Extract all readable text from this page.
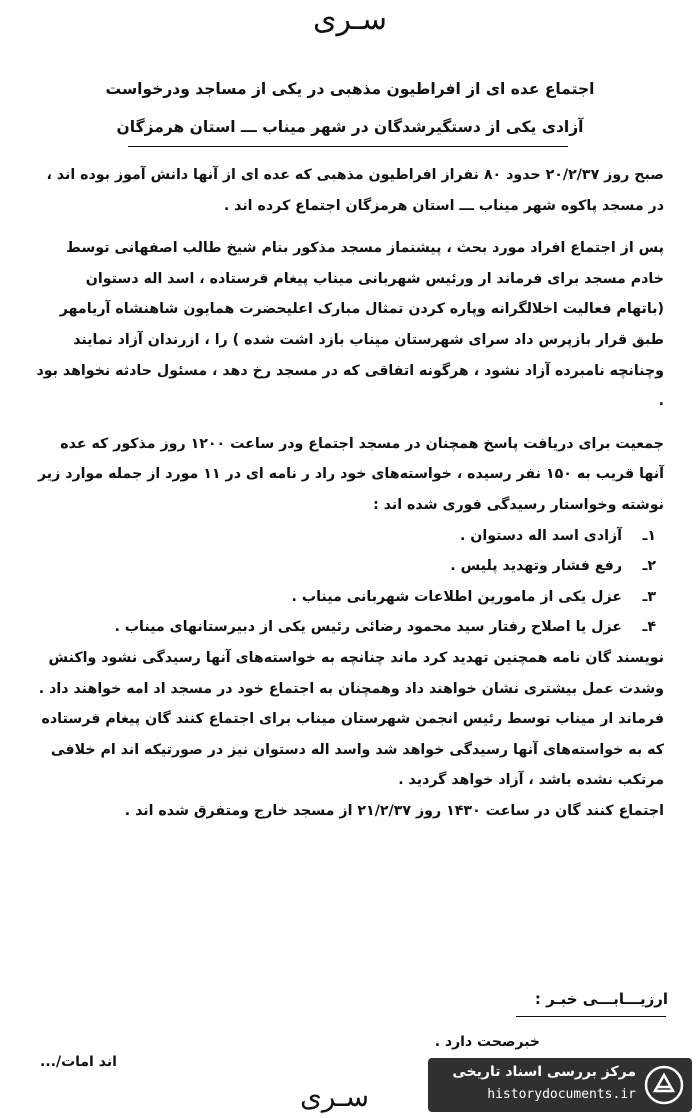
سـرى
اجتماع عده ای از افراطیون مذهبی در یکی از مساجد ودرخواست
آزادی یکی از دستگیرشدگان در شهر میناب ـــ استان هرمزگان

صبح روز ۲۰/۲/۳۷ حدود ۸۰ نفراز افراطیون مذهبی که عده ای از آنها دانش آموز بوده اند ، در مسجد پاکوه شهر میناب ـــ استان هرمزگان اجتماع کرده اند .

پس از اجتماع افراد مورد بحث ، پیشنماز مسجد مذکور بنام شیخ طالب اصفهانی توسط خادم مسجد برای فرماند ار ورئیس شهربانی میناب پیغام فرستاده ، اسد اله دستوان (باتهام فعالیت اخلالگرانه وپاره کردن تمثال مبارک اعلیحضرت همایون شاهنشاه آریامهر طبق قرار بازپرس داد سرای شهرستان میناب بازد اشت شده ) را ، ازرندان آزاد نمایند وچنانچه نامبرده آزاد نشود ، هرگونه اتفاقی که در مسجد رخ دهد ، مسئول حادثه نخواهد بود .

جمعیت برای دریافت پاسخ همچنان در مسجد اجتماع ودر ساعت ۱۲۰۰ روز مذکور که عده آنها قریب به ۱۵۰ نفر رسیده ، خواسته‌های خود راد ر نامه ای در ۱۱ مورد از جمله موارد زیر نوشته وخواستار رسیدگی فوری شده اند :

۱ـ
آزادی اسد اله دستوان .
۲ـ
رفع فشار وتهدید پلیس .
۳ـ
عزل یکی از مامورین اطلاعات شهربانی میناب .
۴ـ
عزل یا اصلاح رفتار سید محمود رضائی رئیس یکی از دبیرستانهای میناب .

نویسند گان نامه همچنین تهدید کرد ماند چنانچه به خواسته‌های آنها رسیدگی نشود واکنش وشدت عمل بیشتری نشان خواهند داد وهمچنان به اجتماع خود در مسجد اد امه خواهند داد .

فرماند ار میناب توسط رئیس انجمن شهرستان میناب برای اجتماع کنند گان پیغام فرستاده که به خواسته‌های آنها رسیدگی خواهد شد واسد اله دستوان نیز در صورتیکه اند ام خلافی مرتکب نشده باشد ، آزاد خواهد گردید .

اجتماع کنند گان در ساعت ۱۴۳۰ روز ۲۱/۲/۳۷ از مسجد خارج ومتفرق شده اند .

ارزیـــابـــی خبـر :
خبرصحت دارد .
اند امات/...
سـرى
مرکز بررسی اسناد تاریخی
historydocuments.ir
